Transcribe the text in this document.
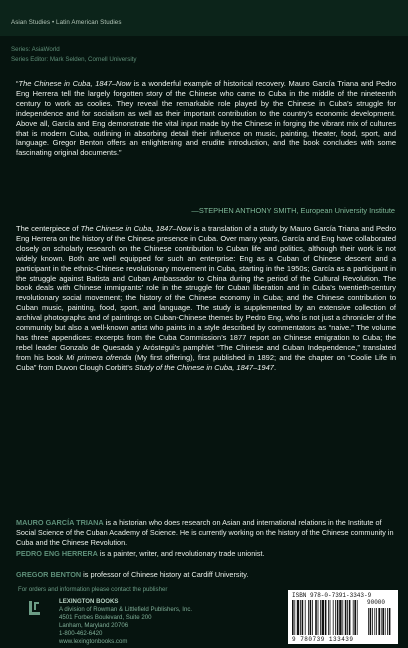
Asian Studies • Latin American Studies
Series: AsiaWorld
Series Editor: Mark Selden, Cornell University

“The Chinese in Cuba, 1847–Now is a wonderful example of historical recovery. Mauro García Triana and Pedro Eng Herrera tell the largely forgotten story of the Chinese who came to Cuba in the middle of the nineteenth century to work as coolies. They reveal the remarkable role played by the Chinese in Cuba’s struggle for independence and for socialism as well as their important contribution to the country’s economic development. Above all, García and Eng demonstrate the vital input made by the Chinese in forging the vibrant mix of cultures that is modern Cuba, outlining in absorbing detail their influence on music, painting, theater, food, sport, and language. Gregor Benton offers an enlightening and erudite introduction, and the book concludes with some fascinating original documents.”

—STEPHEN ANTHONY SMITH, European University Institute

The centerpiece of The Chinese in Cuba, 1847–Now is a translation of a study by Mauro García Triana and Pedro Eng Herrera on the history of the Chinese presence in Cuba. Over many years, García and Eng have collaborated closely on scholarly research on the Chinese contribution to Cuban life and politics, although their work is not widely known. Both are well equipped for such an enterprise: Eng as a Cuban of Chinese descent and a participant in the ethnic-Chinese revolutionary movement in Cuba, starting in the 1950s; García as a participant in the struggle against Batista and Cuban Ambassador to China during the period of the Cultural Revolution. The book deals with Chinese immigrants’ role in the struggle for Cuban liberation and in Cuba’s twentieth-century revolutionary social movement; the history of the Chinese economy in Cuba; and the Chinese contribution to Cuban music, painting, food, sport, and language. The study is supplemented by an extensive collection of archival photographs and of paintings on Cuban-Chinese themes by Pedro Eng, who is not just a chronicler of the community but also a well-known artist who paints in a style described by commentators as “naive.” The volume has three appendices: excerpts from the Cuba Commission’s 1877 report on Chinese emigration to Cuba; the rebel leader Gonzalo de Quesada y Aróstegui’s pamphlet “The Chinese and Cuban Independence,” translated from his book Mi primera ofrenda (My first offering), first published in 1892; and the chapter on “Coolie Life in Cuba” from Duvon Clough Corbitt’s Study of the Chinese in Cuba, 1847–1947.

MAURO GARCÍA TRIANA is a historian who does research on Asian and international relations in the Institute of Social Science of the Cuban Academy of Science. He is currently working on the history of the Chinese community in Cuba and the Chinese Revolution.
PEDRO ENG HERRERA is a painter, writer, and revolutionary trade unionist.
GREGOR BENTON is professor of Chinese history at Cardiff University.
For orders and information please contact the publisher
LEXINGTON BOOKS
A division of Rowman & Littlefield Publishers, Inc.
4501 Forbes Boulevard, Suite 200
Lanham, Maryland 20706
1-800-462-6420
www.lexingtonbooks.com
ISBN 978-0-7391-3343-9
90000
9 780739 133439
